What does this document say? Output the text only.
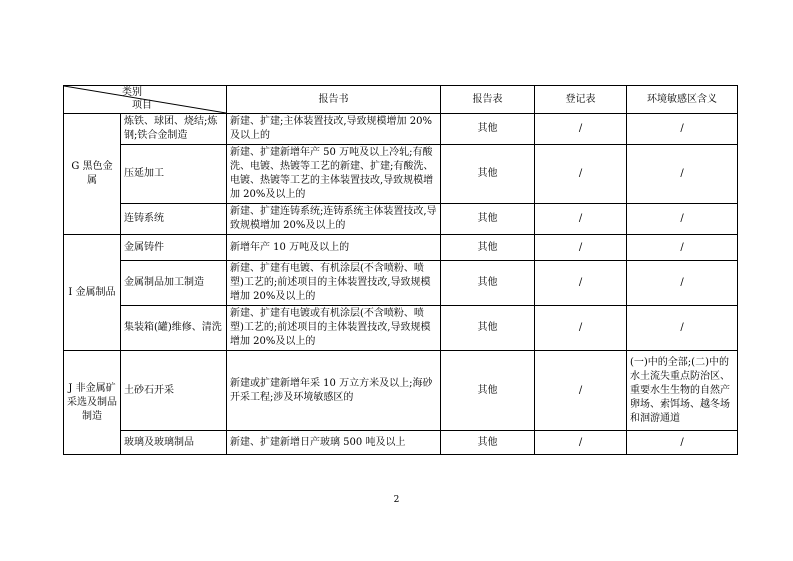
类别
项目		报告书	报告表	登记表	环境敏感区含义
G 黑色金属	炼铁、球团、烧结;炼钢;铁合金制造	新建、扩建;主体装置技改,导致规模增加 20%及以上的	其他	/	/
	压延加工	新建、扩建新增年产 50 万吨及以上冷轧;有酸洗、电镀、热镀等工艺的新建、扩建;有酸洗、电镀、热镀等工艺的主体装置技改,导致规模增加 20%及以上的	其他	/	/
	连铸系统	新建、扩建连铸系统;连铸系统主体装置技改,导致规模增加 20%及以上的	其他	/	/
I 金属制品	金属铸件	新增年产 10 万吨及以上的	其他	/	/
	金属制品加工制造	新建、扩建有电镀、有机涂层(不含喷粉、喷塑)工艺的;前述项目的主体装置技改,导致规模增加 20%及以上的	其他	/	/
	集装箱(罐)维修、清洗	新建、扩建有电镀或有机涂层(不含喷粉、喷塑)工艺的;前述项目的主体装置技改,导致规模增加 20%及以上的	其他	/	/
J 非金属矿采选及制品制造	土砂石开采	新建或扩建新增年采 10 万立方米及以上;海砂开采工程;涉及环境敏感区的	其他	/	(一)中的全部;(二)中的水土流失重点防治区、重要水生生物的自然产卵场、索饵场、越冬场和洄游通道
	玻璃及玻璃制品	新建、扩建新增日产玻璃 500 吨及以上	其他	/	/
2
